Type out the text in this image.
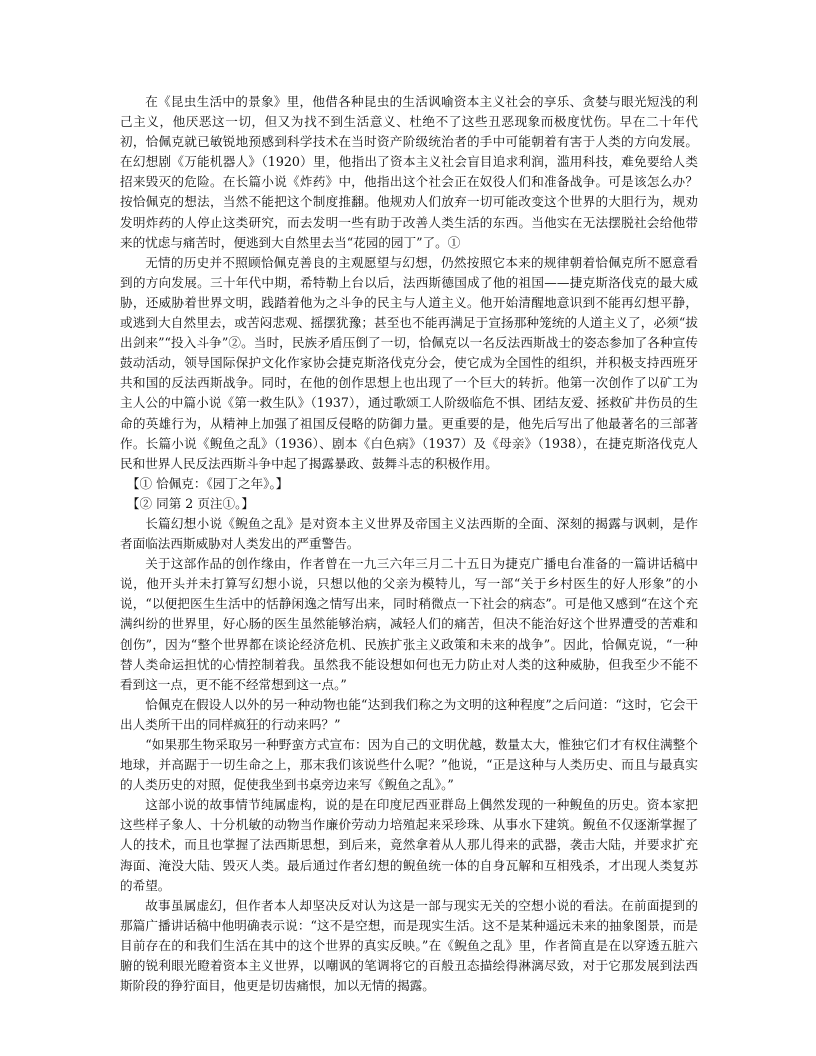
在《昆虫生活中的景象》里，他借各种昆虫的生活讽喻资本主义社会的享乐、贪婪与眼光短浅的利己主义，他厌恶这一切，但又为找不到生活意义、杜绝不了这些丑恶现象而极度忧伤。早在二十年代初，恰佩克就已敏锐地预感到科学技术在当时资产阶级统治者的手中可能朝着有害于人类的方向发展。在幻想剧《万能机器人》（1920）里，他指出了资本主义社会盲目追求利润，滥用科技，难免要给人类招来毁灭的危险。在长篇小说《炸药》中，他指出这个社会正在奴役人们和准备战争。可是该怎么办？按恰佩克的想法，当然不能把这个制度推翻。他规劝人们放弃一切可能改变这个世界的大胆行为，规劝发明炸药的人停止这类研究，而去发明一些有助于改善人类生活的东西。当他实在无法摆脱社会给他带来的忧虑与痛苦时，便逃到大自然里去当“花园的园丁”了。①

无情的历史并不照顾恰佩克善良的主观愿望与幻想，仍然按照它本来的规律朝着恰佩克所不愿意看到的方向发展。三十年代中期，希特勒上台以后，法西斯德国成了他的祖国——捷克斯洛伐克的最大威胁，还威胁着世界文明，践踏着他为之斗争的民主与人道主义。他开始清醒地意识到不能再幻想平静，或逃到大自然里去，或苦闷悲观、摇摆犹豫；甚至也不能再满足于宣扬那种笼统的人道主义了，必须“拔出剑来”“投入斗争”②。当时，民族矛盾压倒了一切，恰佩克以一名反法西斯战士的姿态参加了各种宣传鼓动活动，领导国际保护文化作家协会捷克斯洛伐克分会，使它成为全国性的组织，并积极支持西班牙共和国的反法西斯战争。同时，在他的创作思想上也出现了一个巨大的转折。他第一次创作了以矿工为主人公的中篇小说《第一救生队》（1937），通过歌颂工人阶级临危不惧、团结友爱、拯救矿井伤员的生命的英雄行为，从精神上加强了祖国反侵略的防御力量。更重要的是，他先后写出了他最著名的三部著作。长篇小说《鲵鱼之乱》（1936）、剧本《白色病》（1937）及《母亲》（1938），在捷克斯洛伐克人民和世界人民反法西斯斗争中起了揭露暴政、鼓舞斗志的积极作用。

【① 恰佩克：《园丁之年》。】

【② 同第 2 页注①。】

长篇幻想小说《鲵鱼之乱》是对资本主义世界及帝国主义法西斯的全面、深刻的揭露与讽刺，是作者面临法西斯威胁对人类发出的严重警告。

关于这部作品的创作缘由，作者曾在一九三六年三月二十五日为捷克广播电台准备的一篇讲话稿中说，他开头并未打算写幻想小说，只想以他的父亲为模特儿，写一部“关于乡村医生的好人形象”的小说，“以便把医生生活中的恬静闲逸之情写出来，同时稍微点一下社会的病态”。可是他又感到“在这个充满纠纷的世界里，好心肠的医生虽然能够治病，减轻人们的痛苦，但决不能治好这个世界遭受的苦难和创伤”，因为“整个世界都在谈论经济危机、民族扩张主义政策和未来的战争”。因此，恰佩克说，“一种替人类命运担忧的心情控制着我。虽然我不能设想如何也无力防止对人类的这种威胁，但我至少不能不看到这一点，更不能不经常想到这一点。”

恰佩克在假设人以外的另一种动物也能“达到我们称之为文明的这种程度”之后问道：“这时，它会干出人类所干出的同样疯狂的行动来吗？”

“如果那生物采取另一种野蛮方式宣布：因为自己的文明优越，数量太大，惟独它们才有权住满整个地球，并高踞于一切生命之上，那末我们该说些什么呢？”他说，“正是这种与人类历史、而且与最真实的人类历史的对照，促使我坐到书桌旁边来写《鲵鱼之乱》。”

这部小说的故事情节纯属虚构，说的是在印度尼西亚群岛上偶然发现的一种鲵鱼的历史。资本家把这些样子象人、十分机敏的动物当作廉价劳动力培殖起来采珍珠、从事水下建筑。鲵鱼不仅逐渐掌握了人的技术，而且也掌握了法西斯思想，到后来，竟然拿着从人那儿得来的武器，袭击大陆，并要求扩充海面、淹没大陆、毁灭人类。最后通过作者幻想的鲵鱼统一体的自身瓦解和互相残杀，才出现人类复苏的希望。

故事虽属虚幻，但作者本人却坚决反对认为这是一部与现实无关的空想小说的看法。在前面提到的那篇广播讲话稿中他明确表示说：“这不是空想，而是现实生活。这不是某种遥远未来的抽象图景，而是目前存在的和我们生活在其中的这个世界的真实反映。”在《鲵鱼之乱》里，作者简直是在以穿透五脏六腑的锐利眼光瞪着资本主义世界，以嘲讽的笔调将它的百般丑态描绘得淋漓尽致，对于它那发展到法西斯阶段的狰狞面目，他更是切齿痛恨，加以无情的揭露。
